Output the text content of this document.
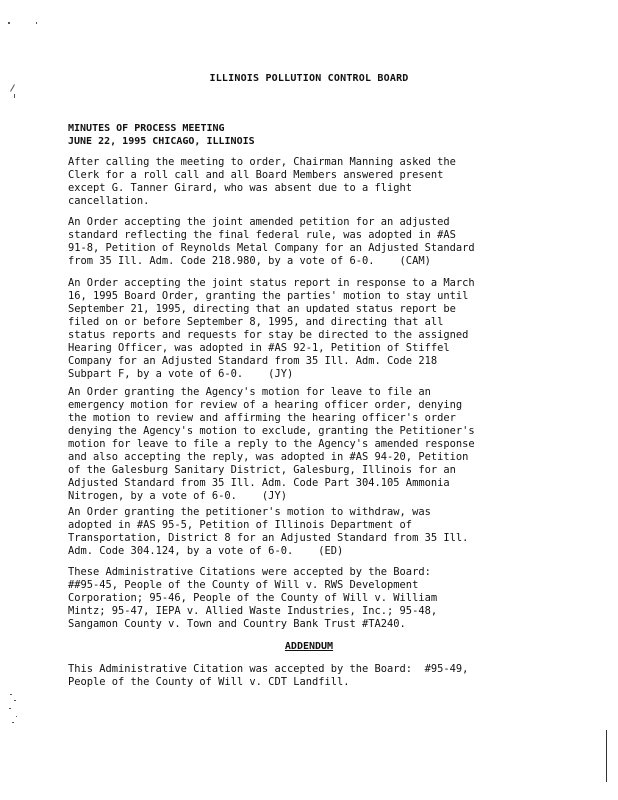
ILLINOIS POLLUTION CONTROL BOARD
MINUTES OF PROCESS MEETING
JUNE 22, 1995 CHICAGO, ILLINOIS

After calling the meeting to order, Chairman Manning asked the
Clerk for a roll call and all Board Members answered present
except G. Tanner Girard, who was absent due to a flight
cancellation.

An Order accepting the joint amended petition for an adjusted
standard reflecting the final federal rule, was adopted in #AS
91-8, Petition of Reynolds Metal Company for an Adjusted Standard
from 35 Ill. Adm. Code 218.980, by a vote of 6-0.    (CAM)

An Order accepting the joint status report in response to a March
16, 1995 Board Order, granting the parties' motion to stay until
September 21, 1995, directing that an updated status report be
filed on or before September 8, 1995, and directing that all
status reports and requests for stay be directed to the assigned
Hearing Officer, was adopted in #AS 92-1, Petition of Stiffel
Company for an Adjusted Standard from 35 Ill. Adm. Code 218
Subpart F, by a vote of 6-0.    (JY)

An Order granting the Agency's motion for leave to file an
emergency motion for review of a hearing officer order, denying
the motion to review and affirming the hearing officer's order
denying the Agency's motion to exclude, granting the Petitioner's
motion for leave to file a reply to the Agency's amended response
and also accepting the reply, was adopted in #AS 94-20, Petition
of the Galesburg Sanitary District, Galesburg, Illinois for an
Adjusted Standard from 35 Ill. Adm. Code Part 304.105 Ammonia
Nitrogen, by a vote of 6-0.    (JY)

An Order granting the petitioner's motion to withdraw, was
adopted in #AS 95-5, Petition of Illinois Department of
Transportation, District 8 for an Adjusted Standard from 35 Ill.
Adm. Code 304.124, by a vote of 6-0.    (ED)

These Administrative Citations were accepted by the Board:
##95-45, People of the County of Will v. RWS Development
Corporation; 95-46, People of the County of Will v. William
Mintz; 95-47, IEPA v. Allied Waste Industries, Inc.; 95-48,
Sangamon County v. Town and Country Bank Trust #TA240.

ADDENDUM

This Administrative Citation was accepted by the Board:  #95-49,
People of the County of Will v. CDT Landfill.
